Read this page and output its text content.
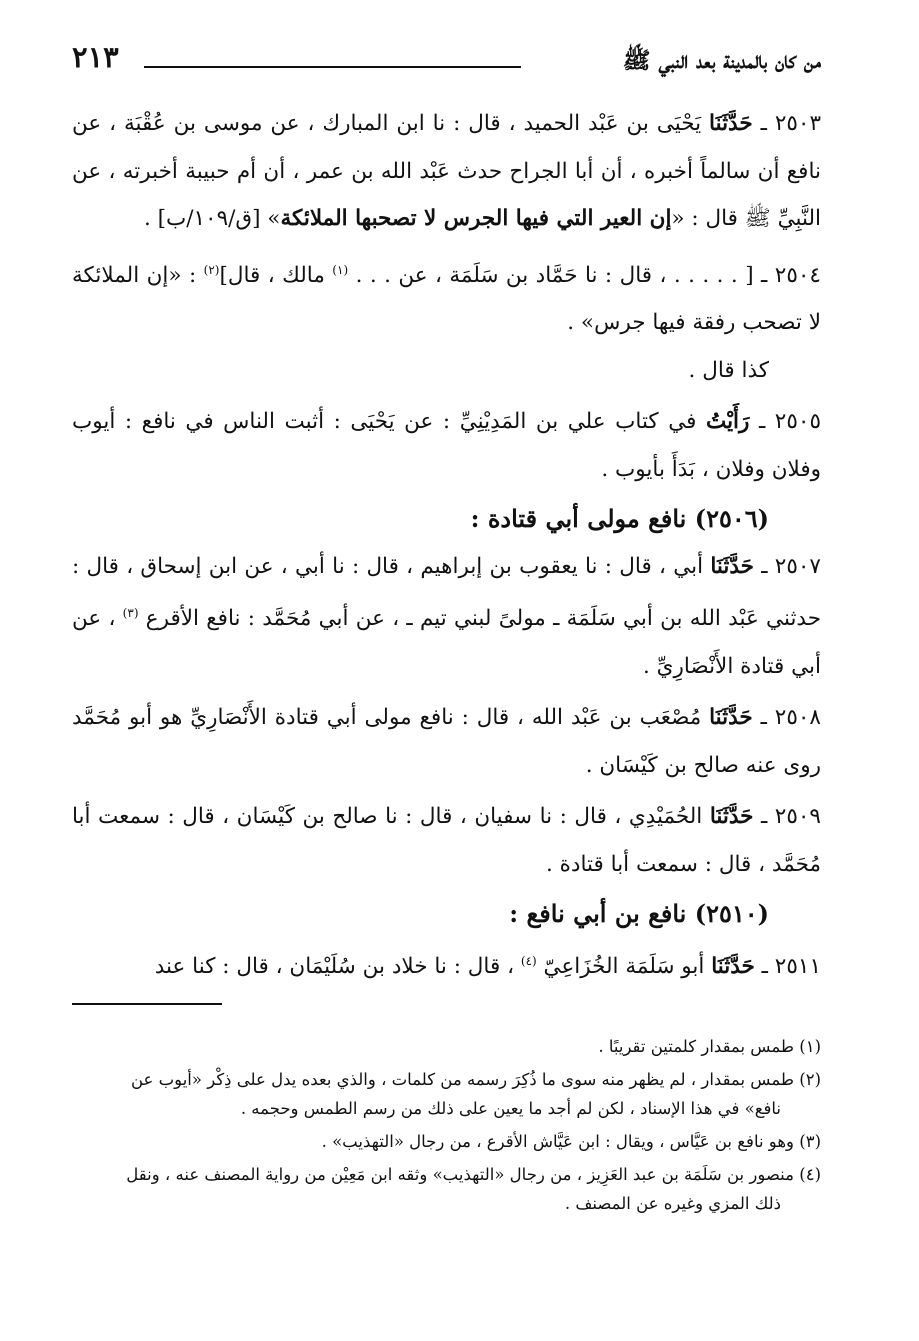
من كان بالمدينة بعد النبي ﷺ
٢١٣

٢٥٠٣ ـ حَدَّثَنَا يَحْيَى بن عَبْد الحميد ، قال : نا ابن المبارك ، عن موسى بن عُقْبَة ، عن نافع أن سالماً أخبره ، أن أبا الجراح حدث عَبْد الله بن عمر ، أن أم حبيبة أخبرته ، عن النَّبِيِّ ﷺ قال : «إن العير التي فيها الجرس لا تصحبها الملائكة» [ق/١٠٩/ب] .

٢٥٠٤ ـ [ . . . . . ، قال : نا حَمَّاد بن سَلَمَة ، عن . . . $^{(١)}$ مالك ، قال]$^{(٢)}$ : «إن الملائكة لا تصحب رفقة فيها جرس» .

كذا قال .

٢٥٠٥ ـ رَأَيْتُ في كتاب علي بن المَدِيْنِيِّ : عن يَحْيَى : أثبت الناس في نافع : أيوب وفلان وفلان ، بَدَأَ بأيوب .

(٢٥٠٦) نافع مولى أبي قتادة :

٢٥٠٧ ـ حَدَّثَنَا أبي ، قال : نا يعقوب بن إبراهيم ، قال : نا أبي ، عن ابن إسحاق ، قال : حدثني عَبْد الله بن أبي سَلَمَة ـ مولىً لبني تيم ـ ، عن أبي مُحَمَّد : نافع الأقرع $^{(٣)}$ ، عن أبي قتادة الأَنْصَارِيِّ .

٢٥٠٨ ـ حَدَّثَنَا مُصْعَب بن عَبْد الله ، قال : نافع مولى أبي قتادة الأَنْصَارِيِّ هو أبو مُحَمَّد روى عنه صالح بن كَيْسَان .

٢٥٠٩ ـ حَدَّثَنَا الحُمَيْدِي ، قال : نا سفيان ، قال : نا صالح بن كَيْسَان ، قال : سمعت أبا مُحَمَّد ، قال : سمعت أبا قتادة .

(٢٥١٠) نافع بن أبي نافع :

٢٥١١ ـ حَدَّثَنَا أبو سَلَمَة الخُزَاعِيّ $^{(٤)}$ ، قال : نا خلاد بن سُلَيْمَان ، قال : كنا عند

(١) طمس بمقدار كلمتين تقريبًا .

(٢) طمس بمقدار ، لم يظهر منه سوى ما ذُكِرَ رسمه من كلمات ، والذي بعده يدل على ذِكْر «أيوب عن
نافع» في هذا الإسناد ، لكن لم أجد ما يعين على ذلك من رسم الطمس وحجمه .

(٣) وهو نافع بن عَيَّاس ، ويقال : ابن عَيَّاش الأقرع ، من رجال «التهذيب» .

(٤) منصور بن سَلَمَة بن عبد العَزِيز ، من رجال «التهذيب» وثقه ابن مَعِيْن من رواية المصنف عنه ، ونقل
ذلك المزي وغيره عن المصنف .
